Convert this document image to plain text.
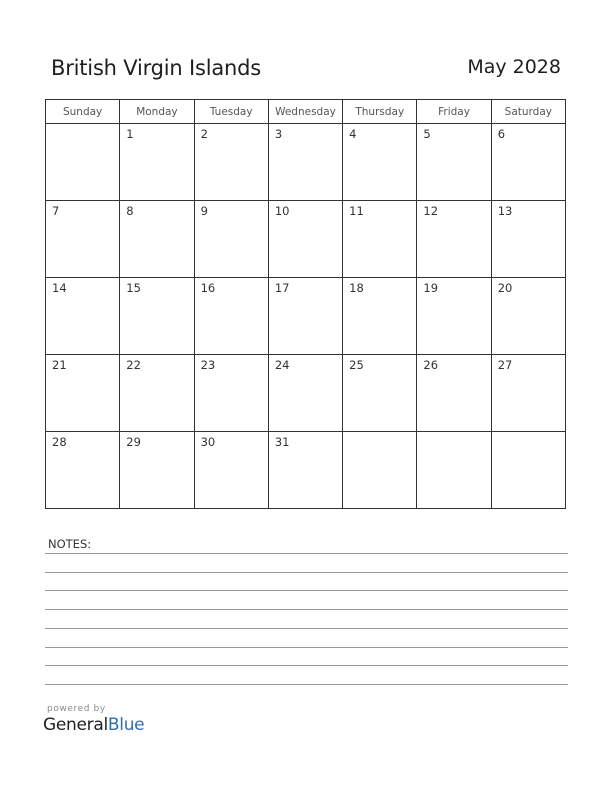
British Virgin Islands	May 2028
Sunday	Monday	Tuesday	Wednesday	Thursday	Friday	Saturday

	1	2	3	4	5	6

7	8	9	10	11	12	13

14	15	16	17	18	19	20

21	22	23	24	25	26	27

28	29	30	31			

NOTES:
powered by
GeneralBlue
